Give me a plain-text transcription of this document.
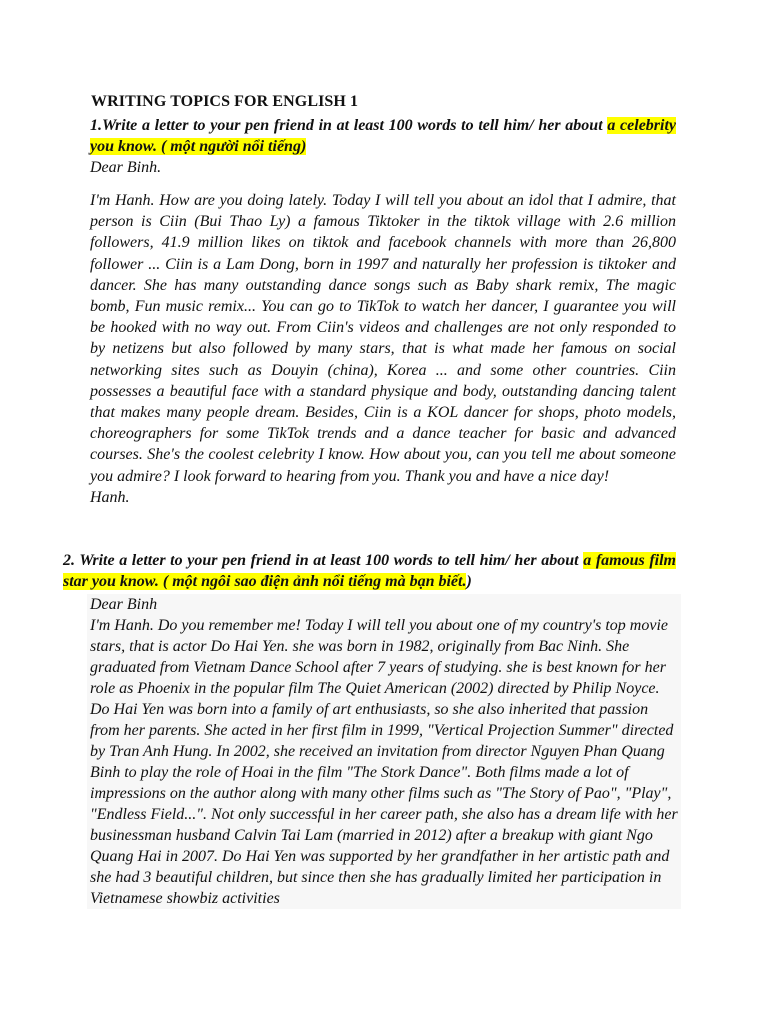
WRITING TOPICS FOR ENGLISH 1

1.Write a letter to your pen friend in at least 100 words to tell him/ her about a celebrity you know. ( một người nổi tiếng)

Dear Binh.

I'm Hanh. How are you doing lately. Today I will tell you about an idol that I admire, that person is Ciin (Bui Thao Ly) a famous Tiktoker in the tiktok village with 2.6 million followers, 41.9 million likes on tiktok and facebook channels with more than 26,800 follower ... Ciin is a Lam Dong, born in 1997 and naturally her profession is tiktoker and dancer. She has many outstanding dance songs such as Baby shark remix, The magic bomb, Fun music remix... You can go to TikTok to watch her dancer, I guarantee you will be hooked with no way out. From Ciin's videos and challenges are not only responded to by netizens but also followed by many stars, that is what made her famous on social networking sites such as Douyin (china), Korea ... and some other countries. Ciin possesses a beautiful face with a standard physique and body, outstanding dancing talent that makes many people dream. Besides, Ciin is a KOL dancer for shops, photo models, choreographers for some TikTok trends and a dance teacher for basic and advanced courses. She's the coolest celebrity I know. How about you, can you tell me about someone you admire? I look forward to hearing from you. Thank you and have a nice day!

Hanh.

2. Write a letter to your pen friend in at least 100 words to tell him/ her about a famous film star you know. ( một ngôi sao điện ảnh nổi tiếng mà bạn biết.)

Dear Binh

I'm Hanh. Do you remember me! Today I will tell you about one of my country's top movie stars, that is actor Do Hai Yen. she was born in 1982, originally from Bac Ninh. She graduated from Vietnam Dance School after 7 years of studying. she is best known for her role as Phoenix in the popular film The Quiet American (2002) directed by Philip Noyce. Do Hai Yen was born into a family of art enthusiasts, so she also inherited that passion from her parents. She acted in her first film in 1999, "Vertical Projection Summer" directed by Tran Anh Hung. In 2002, she received an invitation from director Nguyen Phan Quang Binh to play the role of Hoai in the film "The Stork Dance". Both films made a lot of impressions on the author along with many other films such as "The Story of Pao", "Play", "Endless Field...". Not only successful in her career path, she also has a dream life with her businessman husband Calvin Tai Lam (married in 2012) after a breakup with giant Ngo Quang Hai in 2007. Do Hai Yen was supported by her grandfather in her artistic path and she had 3 beautiful children, but since then she has gradually limited her participation in Vietnamese showbiz activities
